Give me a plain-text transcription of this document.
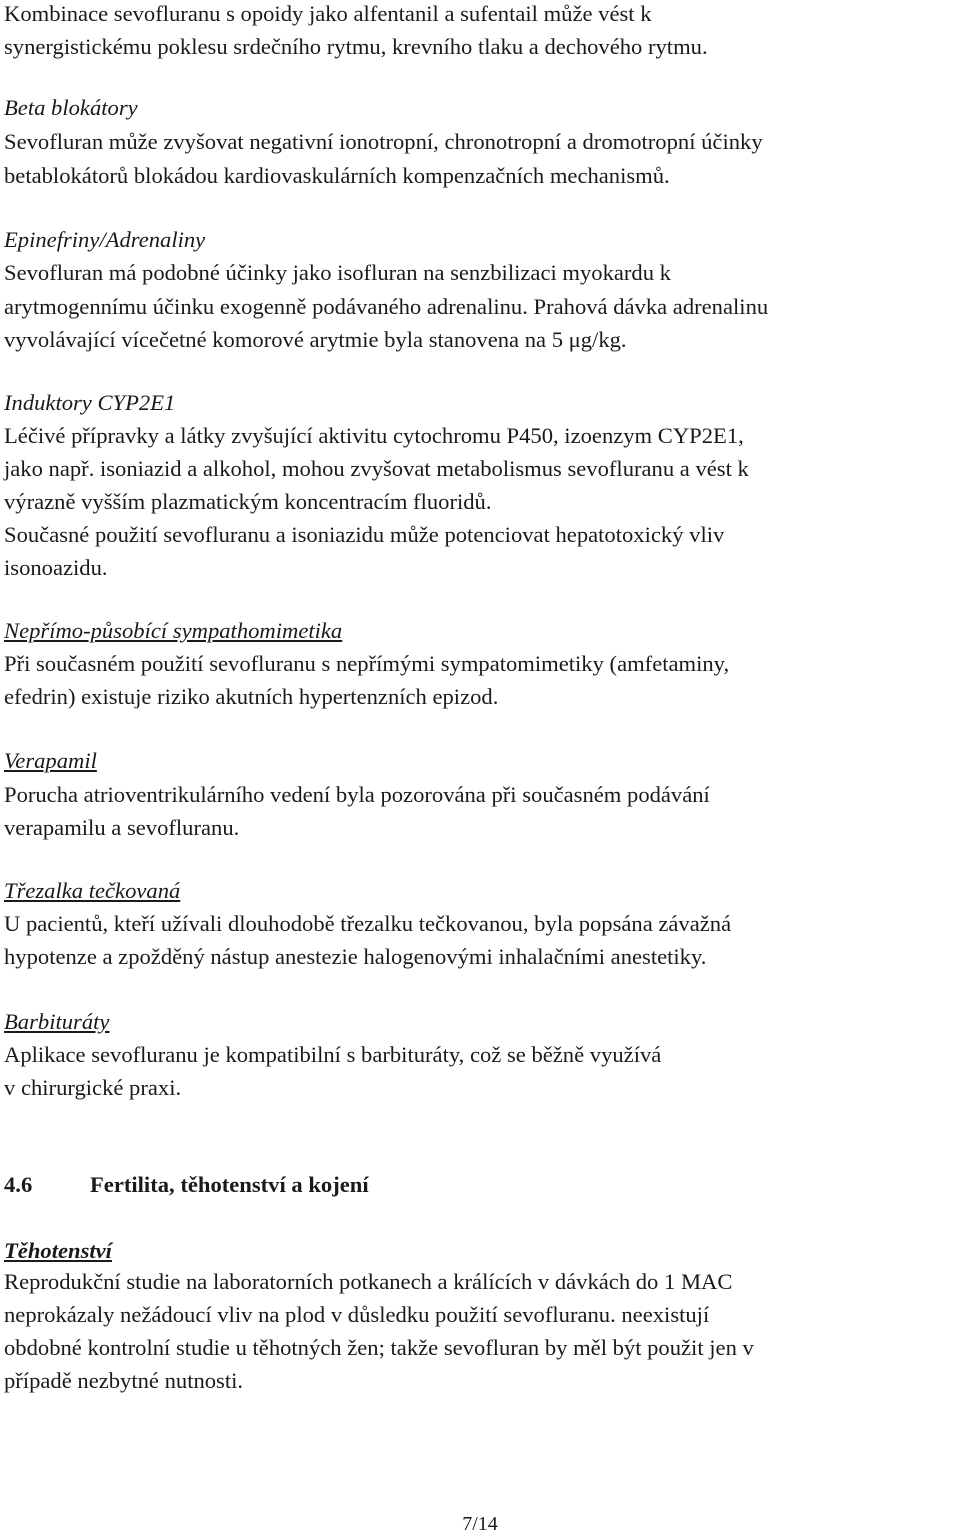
Kombinace sevofluranu s opoidy jako alfentanil a sufentail může vést k
synergistickému poklesu srdečního rytmu, krevního tlaku a dechového rytmu.
Beta blokátory
Sevofluran může zvyšovat negativní ionotropní, chronotropní a dromotropní účinky
betablokátorů blokádou kardiovaskulárních kompenzačních mechanismů.
Epinefriny/Adrenaliny
Sevofluran má podobné účinky jako isofluran na senzbilizaci myokardu k
arytmogennímu účinku exogenně podávaného adrenalinu. Prahová dávka adrenalinu
vyvolávající vícečetné komorové arytmie byla stanovena na 5 μg/kg.
Induktory CYP2E1
Léčivé přípravky a látky zvyšující aktivitu cytochromu P450, izoenzym CYP2E1,
jako např. isoniazid a alkohol, mohou zvyšovat metabolismus sevofluranu a vést k
výrazně vyšším plazmatickým koncentracím fluoridů.
Současné použití sevofluranu a isoniazidu může potenciovat hepatotoxický vliv
isonoazidu.
Nepřímo-působící sympathomimetika
Při současném použití sevofluranu s nepřímými sympatomimetiky (amfetaminy,
efedrin) existuje riziko akutních hypertenzních epizod.
Verapamil
Porucha atrioventrikulárního vedení byla pozorována při současném podávání
verapamilu a sevofluranu.
Třezalka tečkovaná
U pacientů, kteří užívali dlouhodobě třezalku tečkovanou, byla popsána závažná
hypotenze a zpožděný nástup anestezie halogenovými inhalačními anestetiky.
Barbituráty
Aplikace sevofluranu je kompatibilní s barbituráty, což se běžně využívá
v chirurgické praxi.
4.6	Fertilita, těhotenství a kojení
Těhotenství
Reprodukční studie na laboratorních potkanech a králících v dávkách do 1 MAC
neprokázaly nežádoucí vliv na plod v důsledku použití sevofluranu. neexistují
obdobné kontrolní studie u těhotných žen; takže sevofluran by měl být použit jen v
případě nezbytné nutnosti.
7/14
